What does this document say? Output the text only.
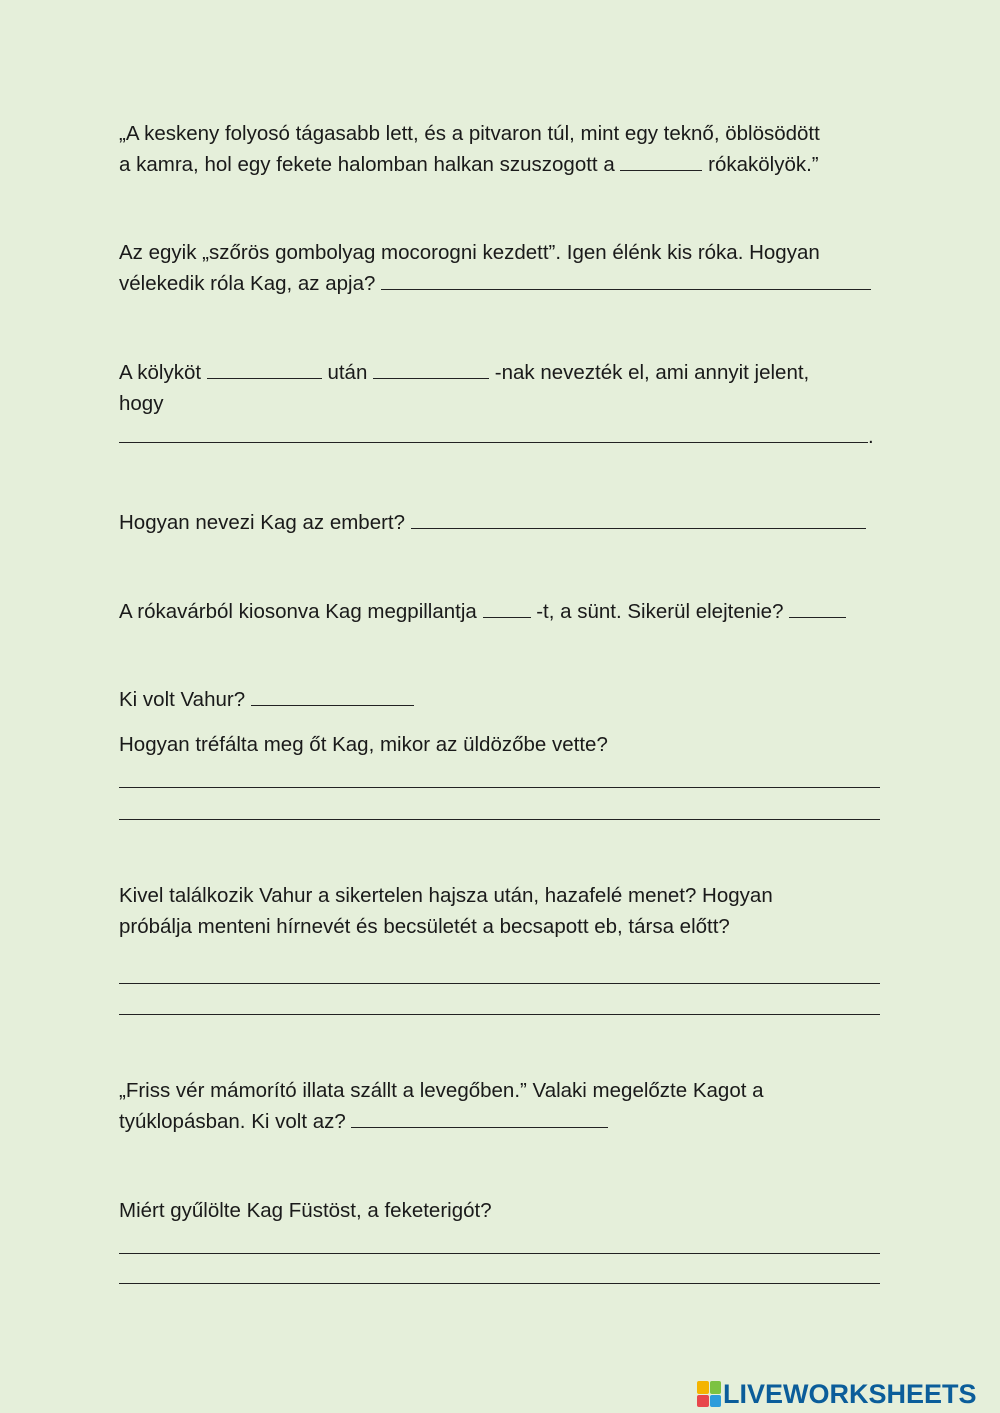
„A keskeny folyosó tágasabb lett, és a pitvaron túl, mint egy teknő, öblösödött
a kamra, hol egy fekete halomban halkan szuszogott a	rókakölyök.”
Az egyik „szőrös gombolyag mocorogni kezdett”. Igen élénk kis róka. Hogyan
vélekedik róla Kag, az apja?
A kölyköt	után	-nak nevezték el, ami annyit jelent,
hogy
.
Hogyan nevezi Kag az embert?
A rókavárból kiosonva Kag megpillantja  -t, a sünt. Sikerül elejtenie?
Ki volt Vahur?
Hogyan tréfálta meg őt Kag, mikor az üldözőbe vette?
Kivel találkozik Vahur a sikertelen hajsza után, hazafelé menet? Hogyan
próbálja menteni hírnevét és becsületét a becsapott eb, társa előtt?
„Friss vér mámorító illata szállt a levegőben.” Valaki megelőzte Kagot a
tyúklopásban. Ki volt az?
Miért gyűlölte Kag Füstöst, a feketerigót?
LIVEWORKSHEETS
